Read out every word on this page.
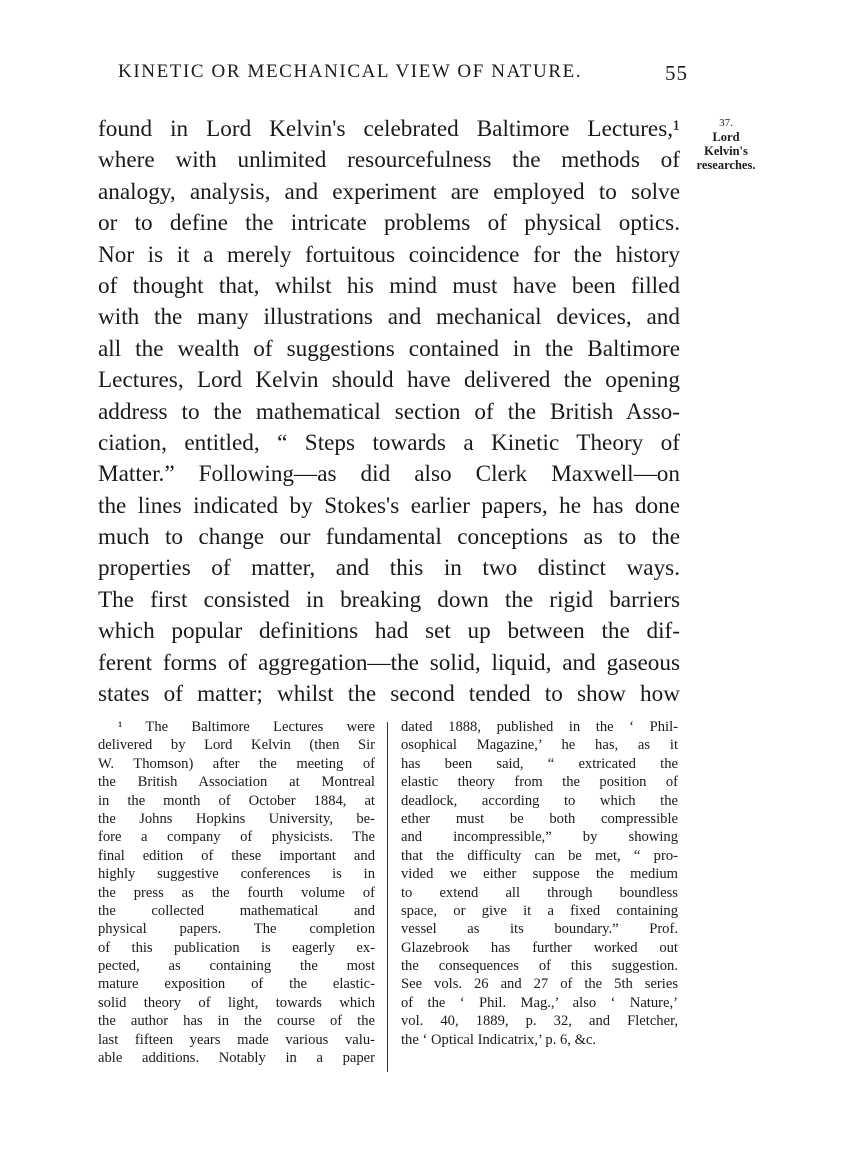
KINETIC OR MECHANICAL VIEW OF NATURE.	55
37.
Lord
Kelvin's
researches.
found in Lord Kelvin's celebrated Baltimore Lectures,¹
where with unlimited resourcefulness the methods of
analogy, analysis, and experiment are employed to solve
or to define the intricate problems of physical optics.
Nor is it a merely fortuitous coincidence for the history
of thought that, whilst his mind must have been filled
with the many illustrations and mechanical devices, and
all the wealth of suggestions contained in the Baltimore
Lectures, Lord Kelvin should have delivered the opening
address to the mathematical section of the British Asso-
ciation, entitled, “ Steps towards a Kinetic Theory of
Matter.” Following—as did also Clerk Maxwell—on
the lines indicated by Stokes's earlier papers, he has done
much to change our fundamental conceptions as to the
properties of matter, and this in two distinct ways.
The first consisted in breaking down the rigid barriers
which popular definitions had set up between the dif-
ferent forms of aggregation—the solid, liquid, and gaseous
states of matter; whilst the second tended to show how
¹ The Baltimore Lectures were
delivered by Lord Kelvin (then Sir
W. Thomson) after the meeting of
the British Association at Montreal
in the month of October 1884, at
the Johns Hopkins University, be-
fore a company of physicists. The
final edition of these important and
highly suggestive conferences is in
the press as the fourth volume of
the collected mathematical and
physical papers. The completion
of this publication is eagerly ex-
pected, as containing the most
mature exposition of the elastic-
solid theory of light, towards which
the author has in the course of the
last fifteen years made various valu-
able additions. Notably in a paper
dated 1888, published in the ‘ Phil-
osophical Magazine,’ he has, as it
has been said, “ extricated the
elastic theory from the position of
deadlock, according to which the
ether must be both compressible
and incompressible,” by showing
that the difficulty can be met, “ pro-
vided we either suppose the medium
to extend all through boundless
space, or give it a fixed containing
vessel as its boundary.” Prof.
Glazebrook has further worked out
the consequences of this suggestion.
See vols. 26 and 27 of the 5th series
of the ‘ Phil. Mag.,’ also ‘ Nature,’
vol. 40, 1889, p. 32, and Fletcher,
the ‘ Optical Indicatrix,’ p. 6, &c.
